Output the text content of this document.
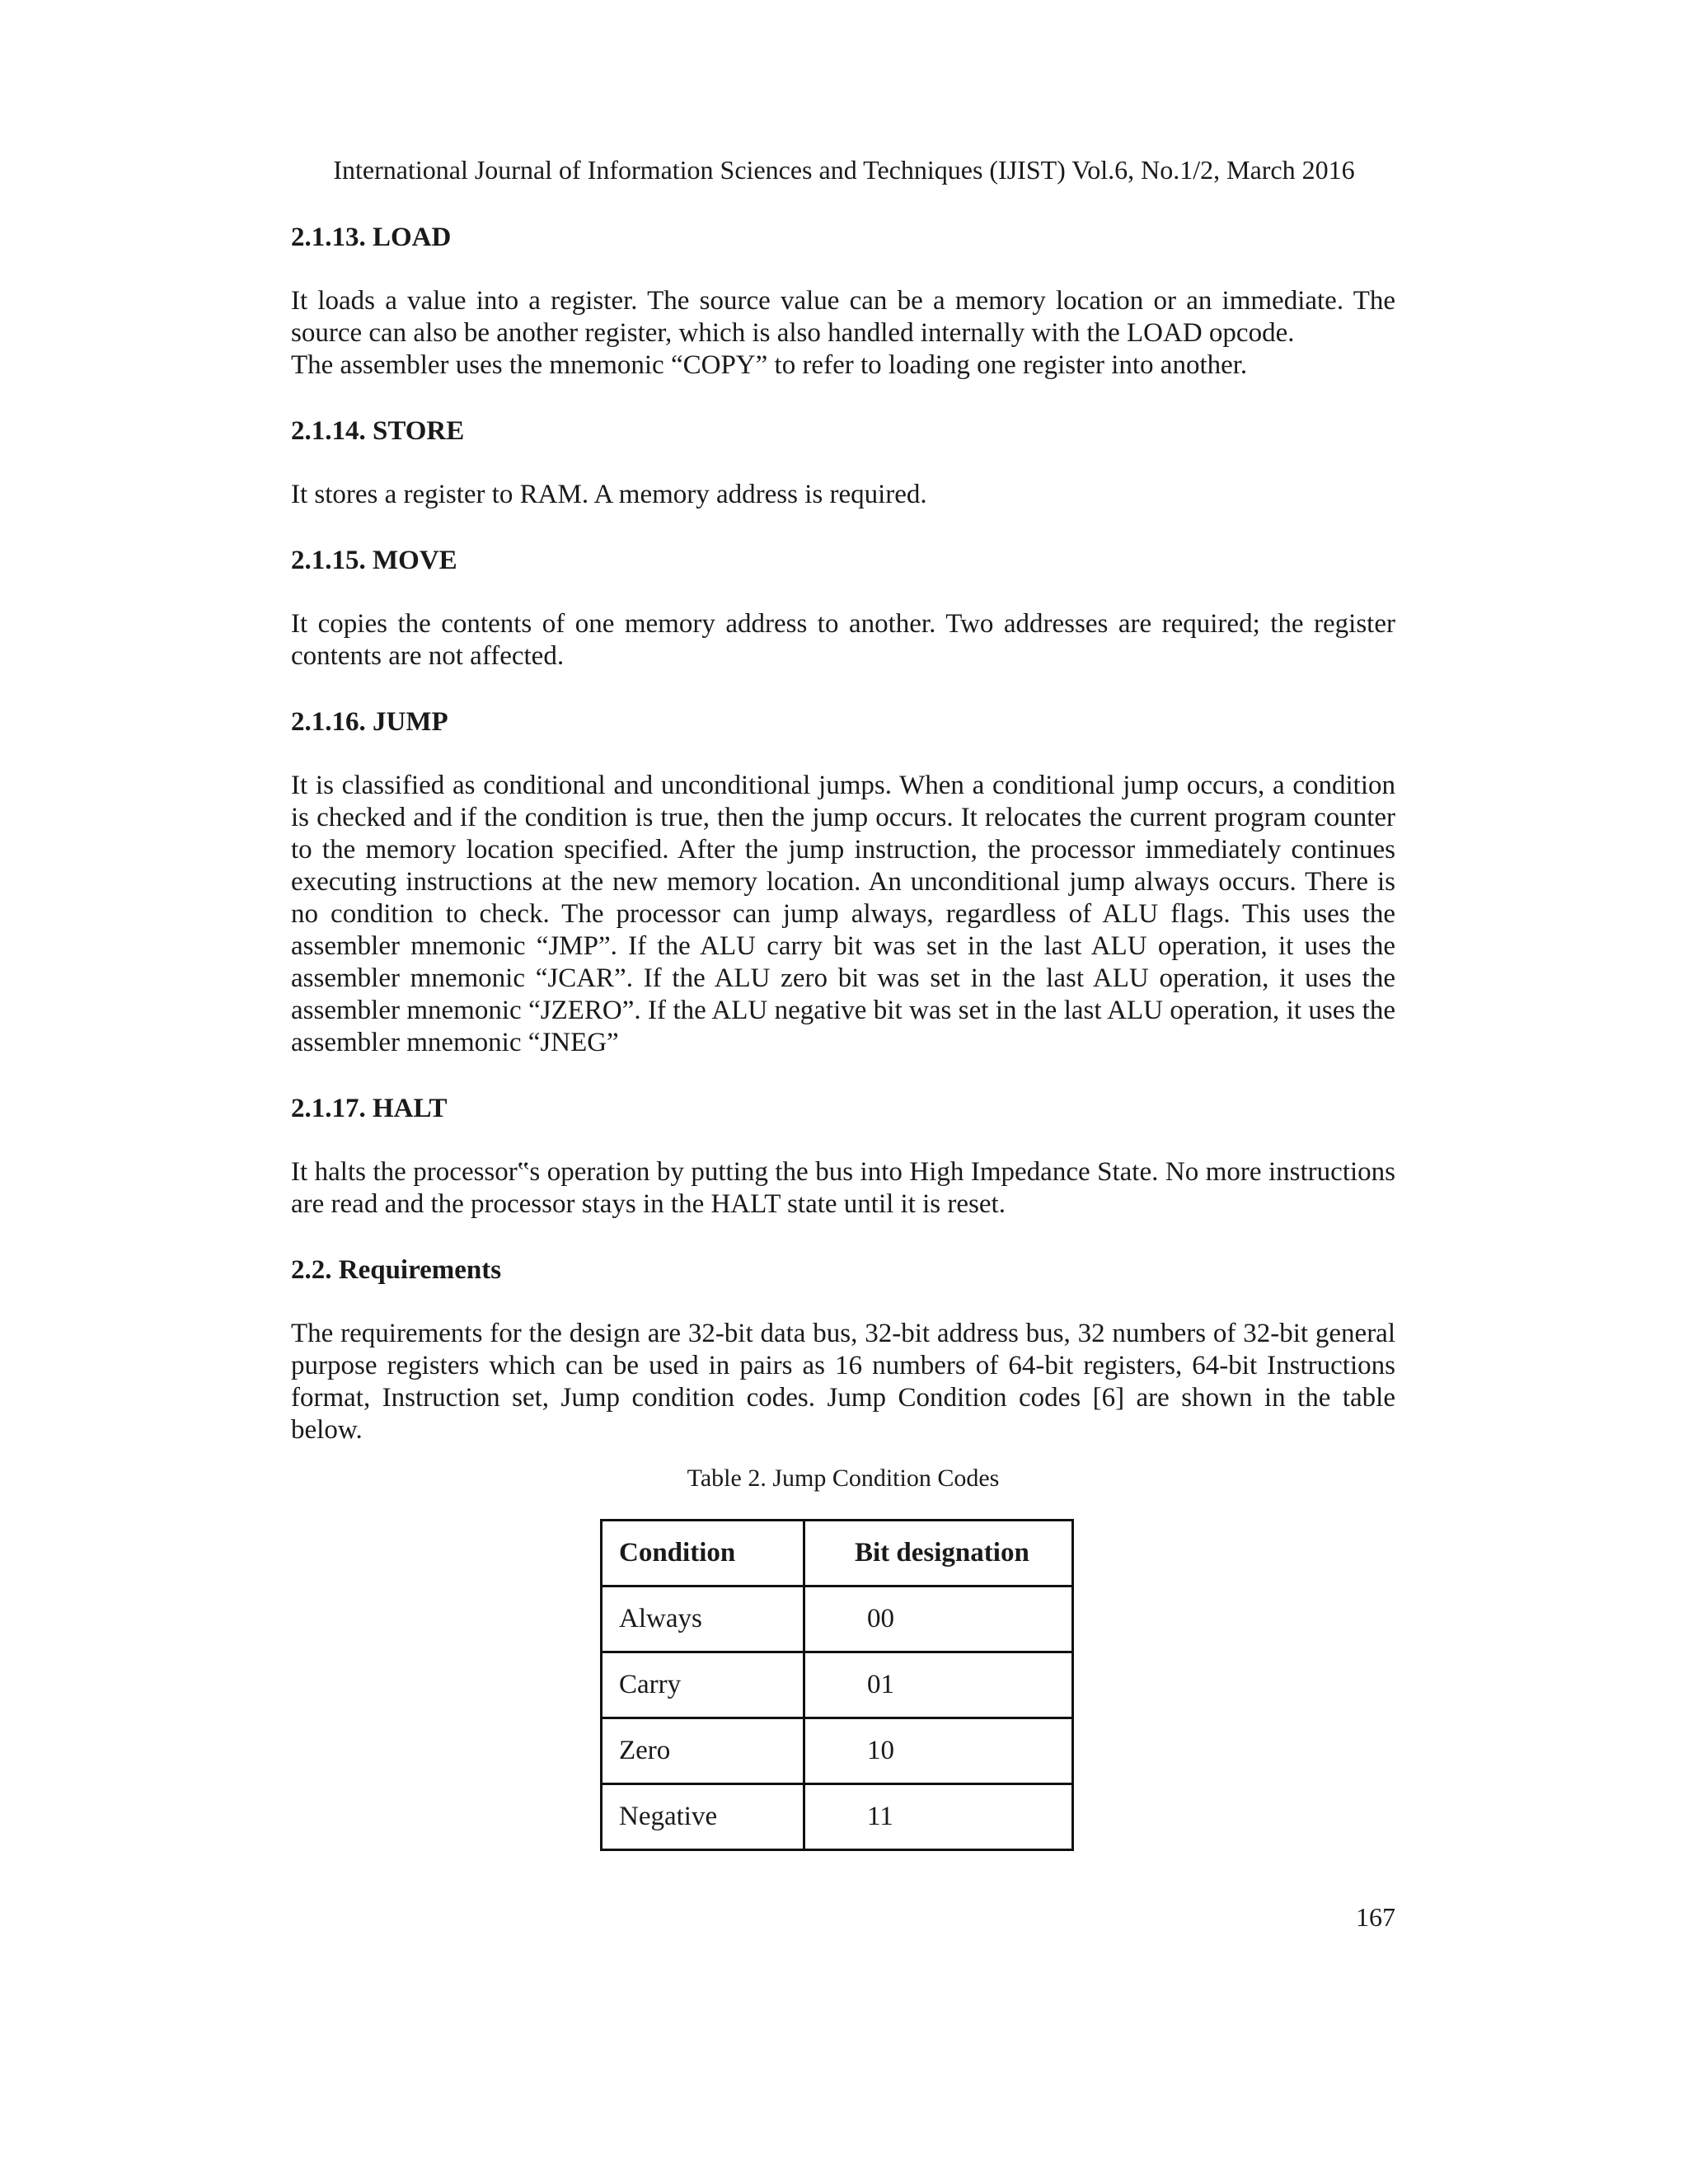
International Journal of Information Sciences and Techniques (IJIST) Vol.6, No.1/2, March 2016
2.1.13. LOAD

It loads a value into a register. The source value can be a memory location or an immediate. The source can also be another register, which is also handled internally with the LOAD opcode.

The assembler uses the mnemonic “COPY” to refer to loading one register into another.

2.1.14. STORE

It stores a register to RAM. A memory address is required.

2.1.15. MOVE

It copies the contents of one memory address to another. Two addresses are required; the register contents are not affected.

2.1.16. JUMP

It is classified as conditional and unconditional jumps. When a conditional jump occurs, a condition is checked and if the condition is true, then the jump occurs. It relocates the current program counter to the memory location specified. After the jump instruction, the processor immediately continues executing instructions at the new memory location. An unconditional jump always occurs. There is no condition to check. The processor can jump always, regardless of ALU flags. This uses the assembler mnemonic “JMP”. If the ALU carry bit was set in the last ALU operation, it uses the assembler mnemonic “JCAR”. If the ALU zero bit was set in the last ALU operation, it uses the assembler mnemonic “JZERO”. If the ALU negative bit was set in the last ALU operation, it uses the assembler mnemonic “JNEG”

2.1.17. HALT

It halts the processor‟s operation by putting the bus into High Impedance State. No more instructions are read and the processor stays in the HALT state until it is reset.

2.2. Requirements

The requirements for the design are 32-bit data bus, 32-bit address bus, 32 numbers of 32-bit general purpose registers which can be used in pairs as 16 numbers of 64-bit registers, 64-bit Instructions format, Instruction set, Jump condition codes. Jump Condition codes [6] are shown in the table below.

Table 2. Jump Condition Codes
Condition	Bit designation
Always	00
Carry	01
Zero	10
Negative	11
167
